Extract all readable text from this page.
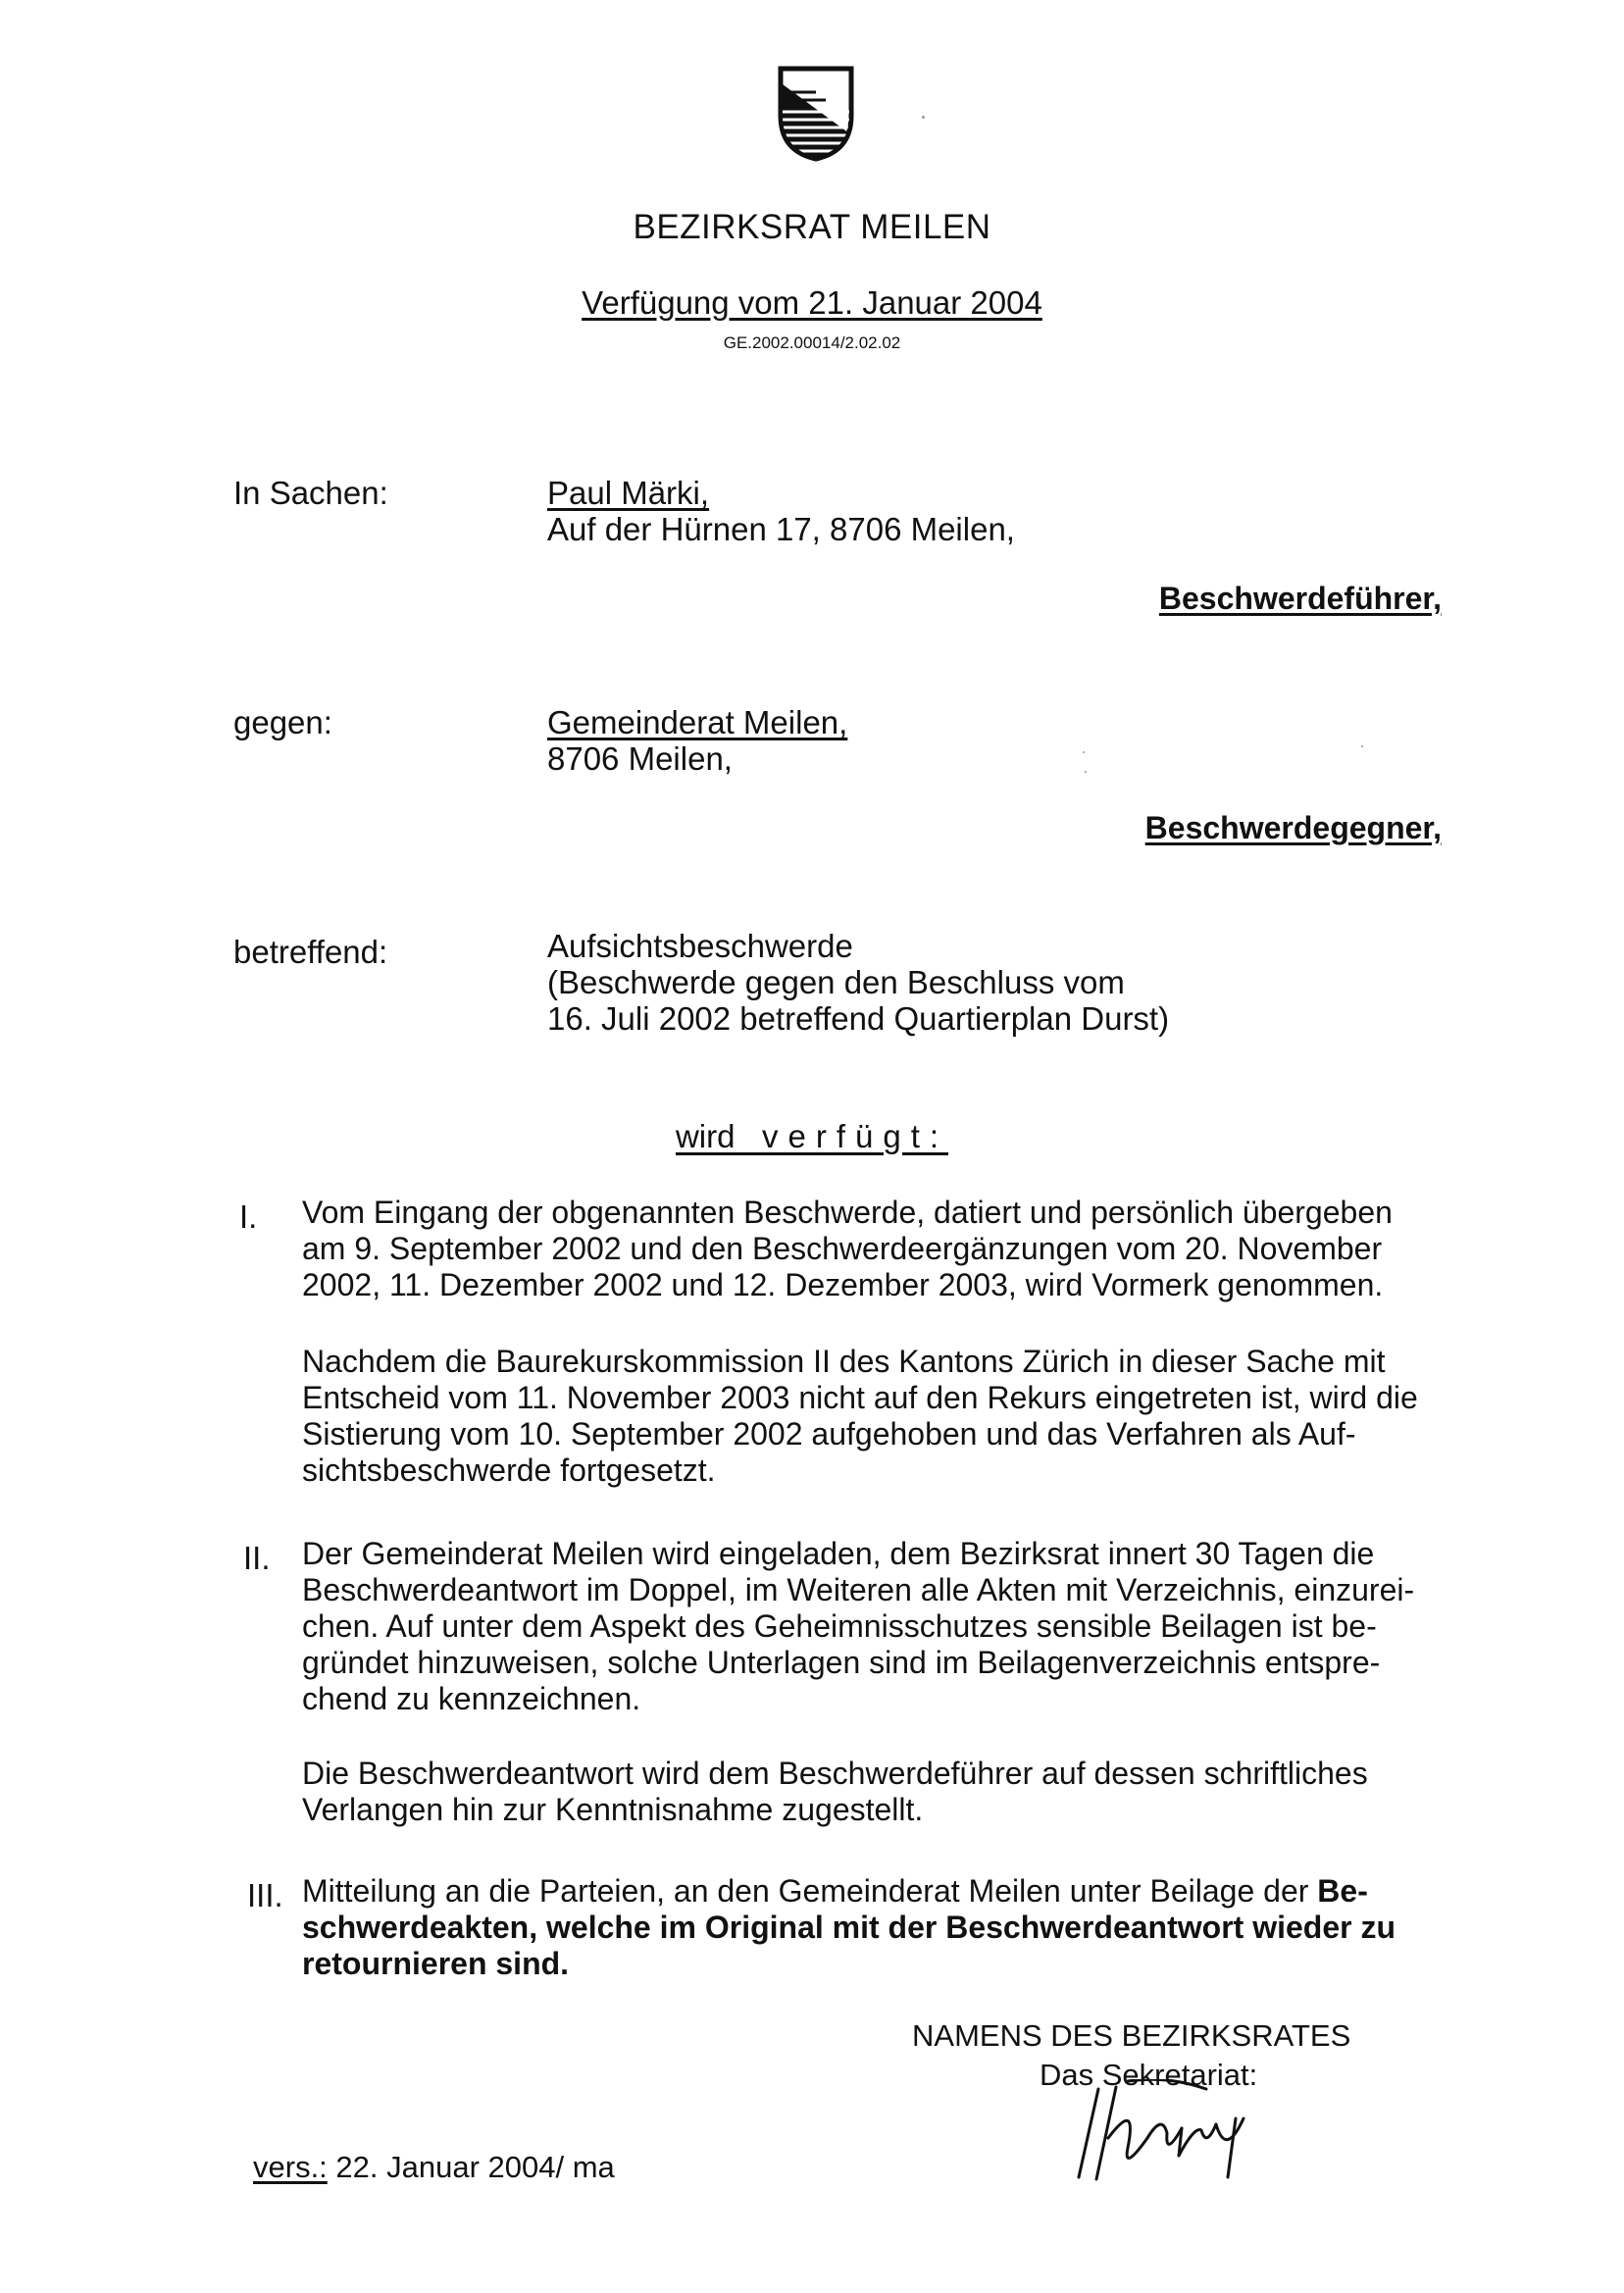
BEZIRKSRAT MEILEN
Verfügung vom 21. Januar 2004
GE.2002.00014/2.02.02
In Sachen:	Paul Märki,
Auf der Hürnen 17, 8706 Meilen,
Beschwerdeführer,
gegen:	Gemeinderat Meilen,
8706 Meilen,
Beschwerdegegner,
betreffend:	Aufsichtsbeschwerde
(Beschwerde gegen den Beschluss vom
16. Juli 2002 betreffend Quartierplan Durst)
wird verfügt:
I. Vom Eingang der obgenannten Beschwerde, datiert und persönlich übergeben
am 9. September 2002 und den Beschwerdeergänzungen vom 20. November
2002, 11. Dezember 2002 und 12. Dezember 2003, wird Vormerk genommen.
Nachdem die Baurekurskommission II des Kantons Zürich in dieser Sache mit
Entscheid vom 11. November 2003 nicht auf den Rekurs eingetreten ist, wird die
Sistierung vom 10. September 2002 aufgehoben und das Verfahren als Auf-
sichtsbeschwerde fortgesetzt.
II. Der Gemeinderat Meilen wird eingeladen, dem Bezirksrat innert 30 Tagen die
Beschwerdeantwort im Doppel, im Weiteren alle Akten mit Verzeichnis, einzurei-
chen. Auf unter dem Aspekt des Geheimnisschutzes sensible Beilagen ist be-
gründet hinzuweisen, solche Unterlagen sind im Beilagenverzeichnis entspre-
chend zu kennzeichnen.
Die Beschwerdeantwort wird dem Beschwerdeführer auf dessen schriftliches
Verlangen hin zur Kenntnisnahme zugestellt.
III. Mitteilung an die Parteien, an den Gemeinderat Meilen unter Beilage der Be-
schwerdeakten, welche im Original mit der Beschwerdeantwort wieder zu
retournieren sind.
NAMENS DES BEZIRKSRATES
Das Sekretariat:
vers.: 22. Januar 2004/ ma
